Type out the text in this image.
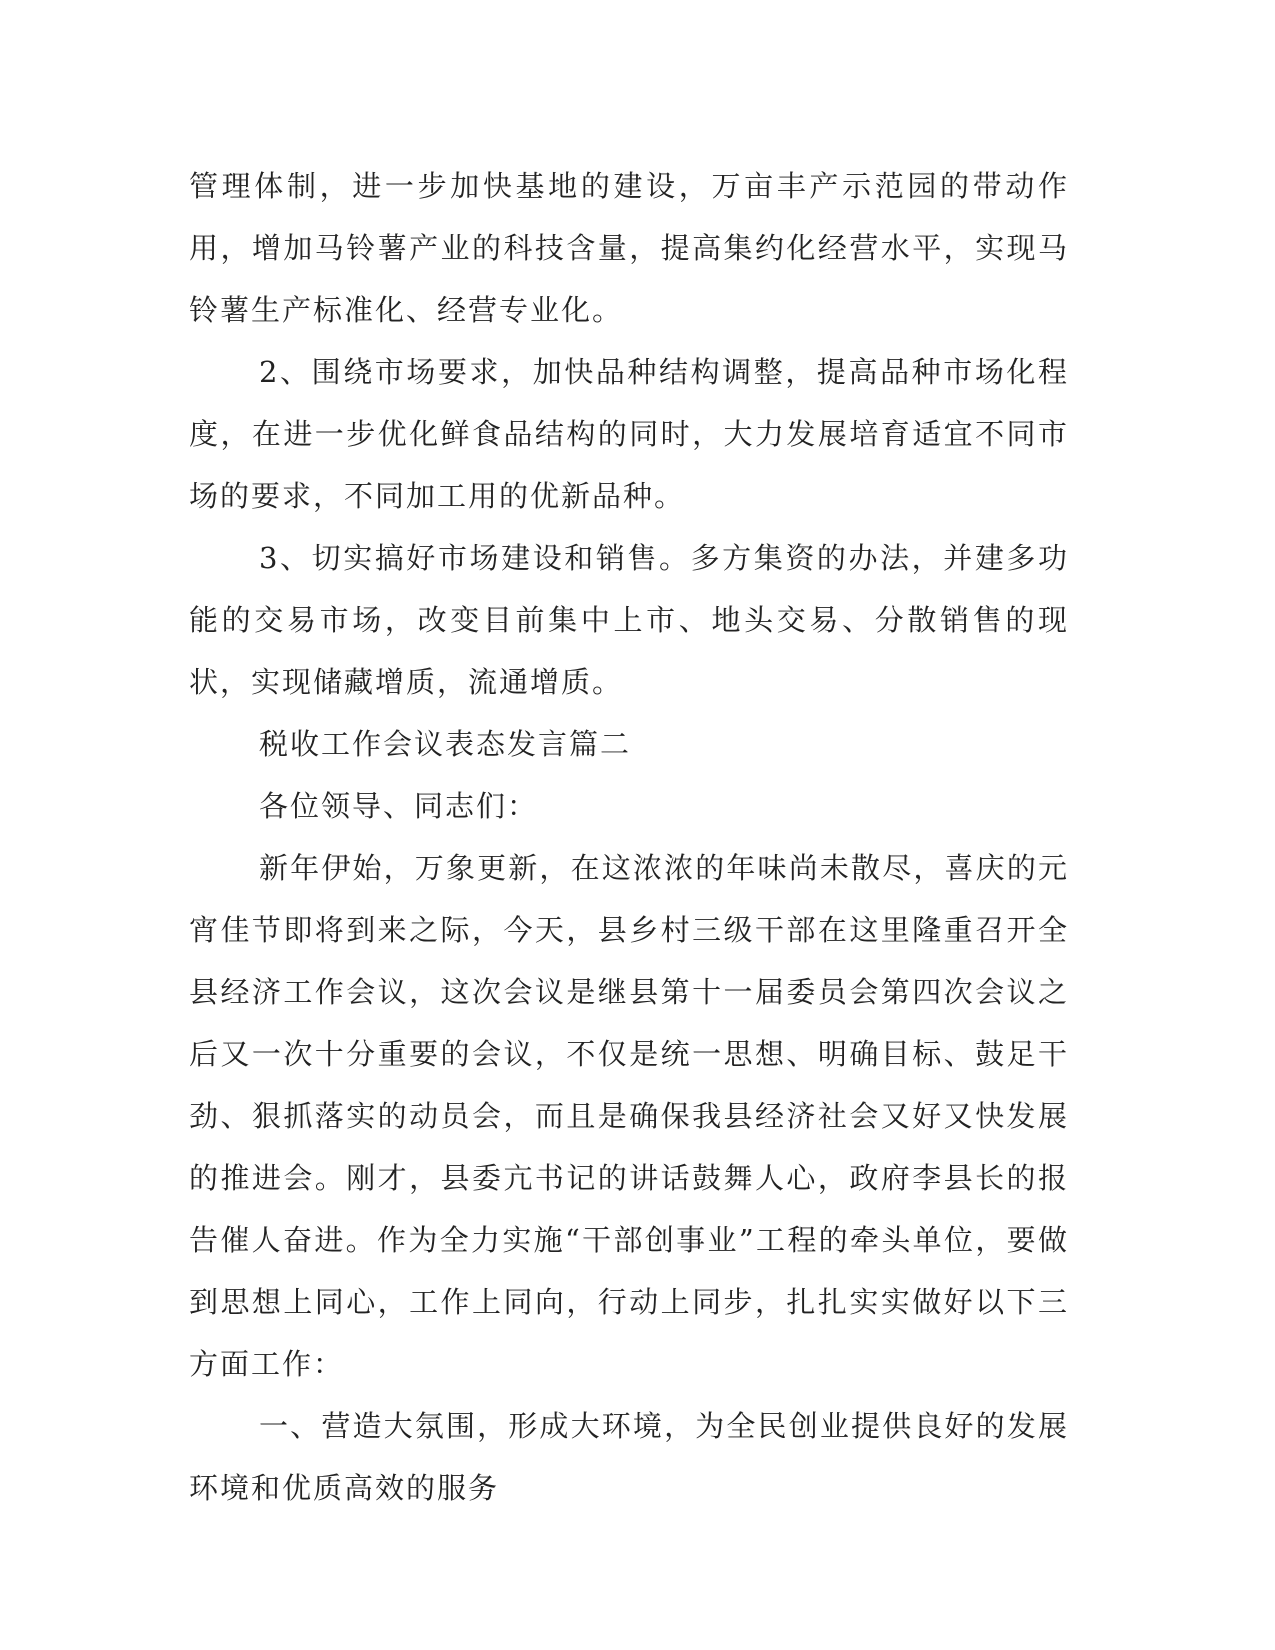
管理体制，进一步加快基地的建设，万亩丰产示范园的带动作用，增加马铃薯产业的科技含量，提高集约化经营水平，实现马铃薯生产标准化、经营专业化。

2、围绕市场要求，加快品种结构调整，提高品种市场化程度，在进一步优化鲜食品结构的同时，大力发展培育适宜不同市场的要求，不同加工用的优新品种。

3、切实搞好市场建设和销售。多方集资的办法，并建多功能的交易市场，改变目前集中上市、地头交易、分散销售的现状，实现储藏增质，流通增质。

税收工作会议表态发言篇二

各位领导、同志们：

新年伊始，万象更新，在这浓浓的年味尚未散尽，喜庆的元宵佳节即将到来之际，今天，县乡村三级干部在这里隆重召开全县经济工作会议，这次会议是继县第十一届委员会第四次会议之后又一次十分重要的会议，不仅是统一思想、明确目标、鼓足干劲、狠抓落实的动员会，而且是确保我县经济社会又好又快发展的推进会。刚才，县委亢书记的讲话鼓舞人心，政府李县长的报告催人奋进。作为全力实施“干部创事业”工程的牵头单位，要做到思想上同心，工作上同向，行动上同步，扎扎实实做好以下三方面工作：

一、营造大氛围，形成大环境，为全民创业提供良好的发展环境和优质高效的服务
